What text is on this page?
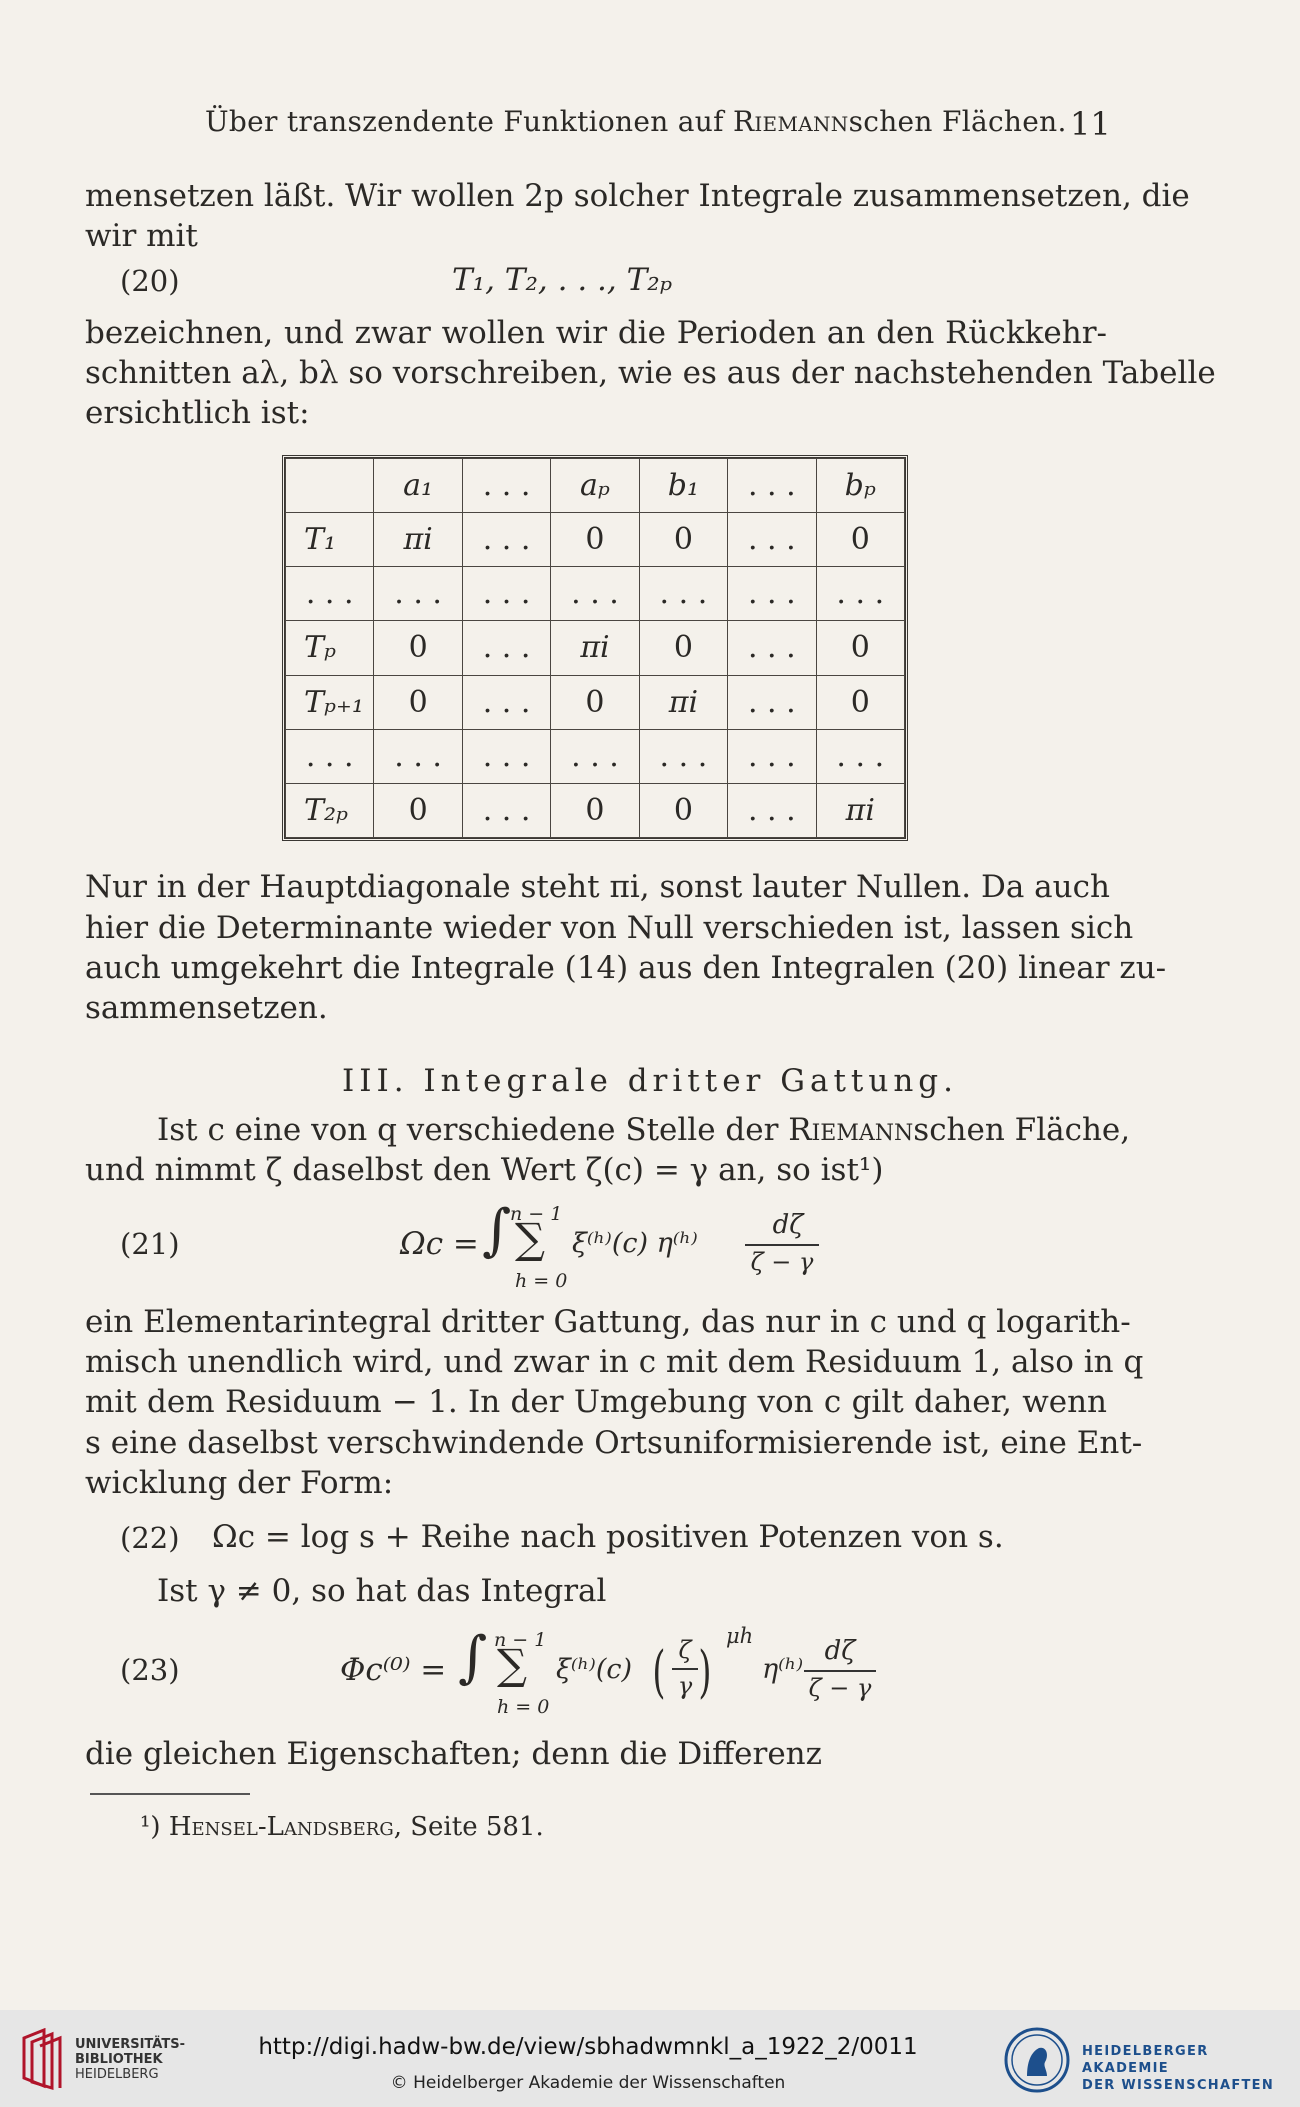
Über transzendente Funktionen auf Riemannschen Flächen. 11
mensetzen läßt. Wir wollen 2p solcher Integrale zusammensetzen, die
wir mit
(20)	T₁, T₂, . . ., T₂ₚ
bezeichnen, und zwar wollen wir die Perioden an den Rückkehr-
schnitten aλ, bλ so vorschreiben, wie es aus der nachstehenden Tabelle
ersichtlich ist:
	a₁	. . .	aₚ	b₁	. . .	bₚ
T₁	πi	. . .	0	0	. . .	0
. . .	. . .	. . .	. . .	. . .	. . .	. . .
Tₚ	0	. . .	πi	0	. . .	0
Tₚ₊₁	0	. . .	0	πi	. . .	0
. . .	. . .	. . .	. . .	. . .	. . .	. . .
T₂ₚ	0	. . .	0	0	. . .	πi
Nur in der Hauptdiagonale steht πi, sonst lauter Nullen. Da auch
hier die Determinante wieder von Null verschieden ist, lassen sich
auch umgekehrt die Integrale (14) aus den Integralen (20) linear zu-
sammensetzen.
III. Integrale dritter Gattung.
Ist c eine von q verschiedene Stelle der Riemannschen Fläche,
und nimmt ζ daselbst den Wert ζ(c) = γ an, so ist¹)
(21)	Ωc = ∫
n − 1
∑
h = 0
ξ⁽ʰ⁾(c) η⁽ʰ⁾
dζ
ζ − γ
ein Elementarintegral dritter Gattung, das nur in c und q logarith-
misch unendlich wird, und zwar in c mit dem Residuum 1, also in q
mit dem Residuum − 1. In der Umgebung von c gilt daher, wenn
s eine daselbst verschwindende Ortsuniformisierende ist, eine Ent-
wicklung der Form:
(22) Ωc = log s + Reihe nach positiven Potenzen von s.
Ist γ ≠ 0, so hat das Integral
(23)	Φc⁽⁰⁾ = ∫ n − 1
∑
h = 0
ξ⁽ʰ⁾(c) ( ζ
γ )
μh
η⁽ʰ⁾
dζ
ζ − γ
die gleichen Eigenschaften; denn die Differenz
¹) Hensel-Landsberg, Seite 581.
UNIVERSITÄTS-
BIBLIOTHEK
HEIDELBERG
http://digi.hadw-bw.de/view/sbhadwmnkl_a_1922_2/0011
© Heidelberger Akademie der Wissenschaften
HEIDELBERGER AKADEMIE
DER WISSENSCHAFTEN
